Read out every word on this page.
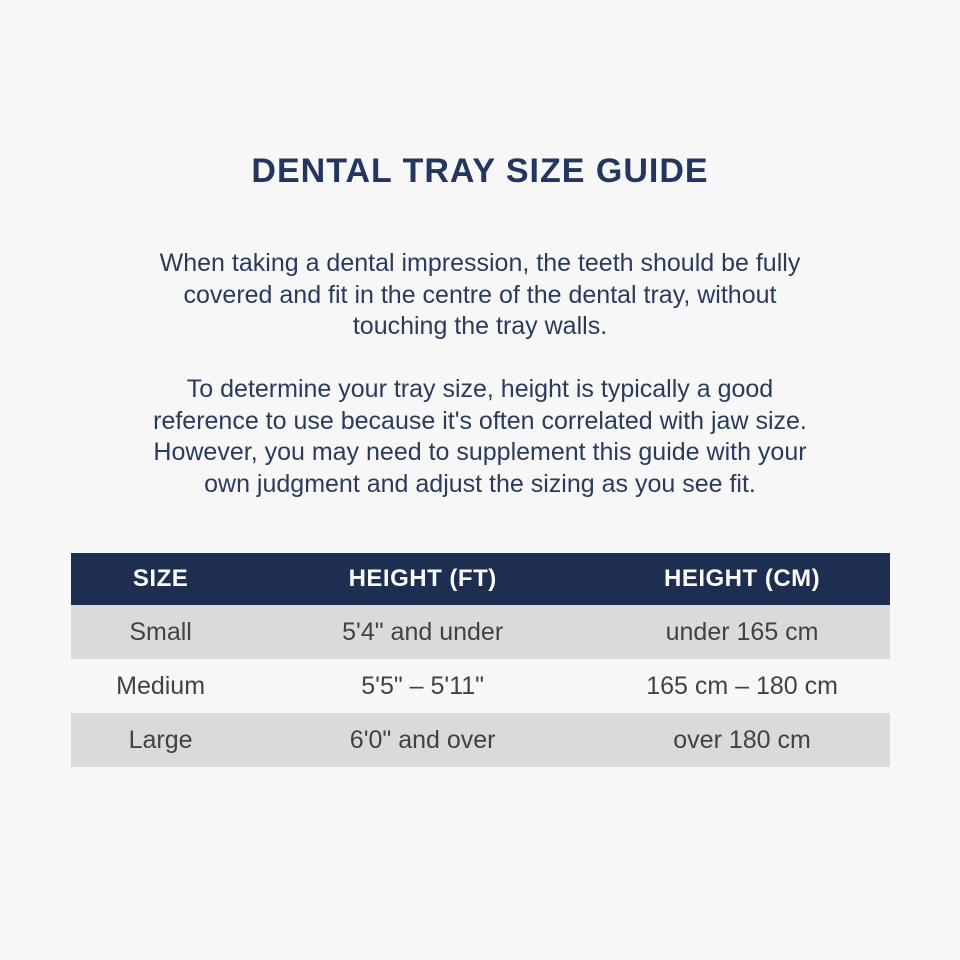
DENTAL TRAY SIZE GUIDE
When taking a dental impression, the teeth should be fully
covered and fit in the centre of the dental tray, without
touching the tray walls.
To determine your tray size, height is typically a good
reference to use because it's often correlated with jaw size.
However, you may need to supplement this guide with your
own judgment and adjust the sizing as you see fit.
SIZE	HEIGHT (FT)	HEIGHT (CM)
Small	5'4" and under	under 165 cm
Medium	5'5" – 5'11"	165 cm – 180 cm
Large	6'0" and over	over 180 cm
